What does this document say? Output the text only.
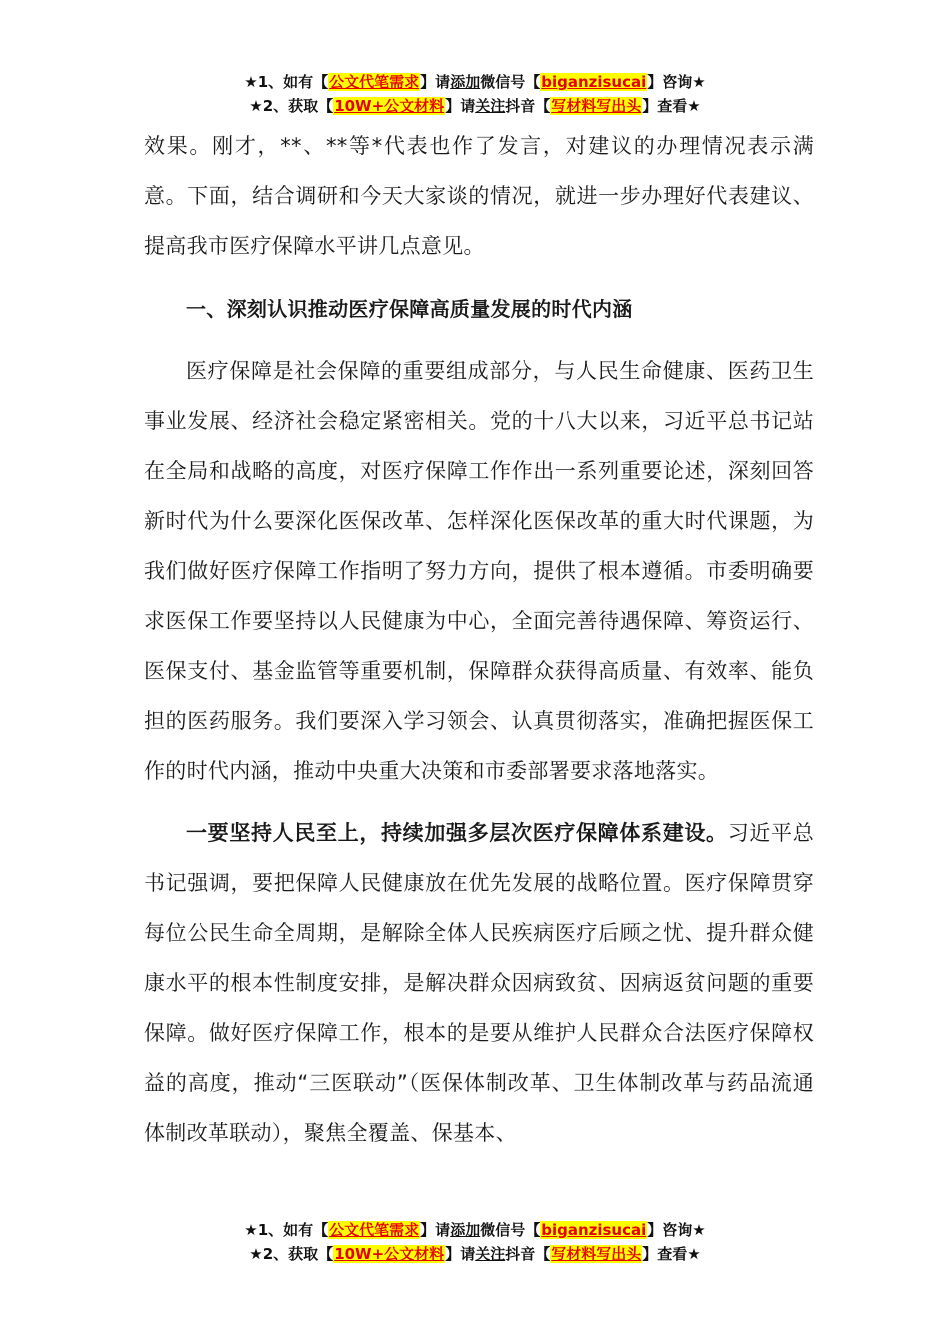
★1、如有【公文代笔需求】请添加微信号【biganzisucai】咨询★
★2、获取【10W+公文材料】请关注抖音【写材料写出头】查看★

效果。刚才，**、**等*代表也作了发言，对建议的办理情况表示满意。下面，结合调研和今天大家谈的情况，就进一步办理好代表建议、提高我市医疗保障水平讲几点意见。

一、深刻认识推动医疗保障高质量发展的时代内涵

医疗保障是社会保障的重要组成部分，与人民生命健康、医药卫生事业发展、经济社会稳定紧密相关。党的十八大以来，习近平总书记站在全局和战略的高度，对医疗保障工作作出一系列重要论述，深刻回答新时代为什么要深化医保改革、怎样深化医保改革的重大时代课题，为我们做好医疗保障工作指明了努力方向，提供了根本遵循。市委明确要求医保工作要坚持以人民健康为中心，全面完善待遇保障、筹资运行、医保支付、基金监管等重要机制，保障群众获得高质量、有效率、能负担的医药服务。我们要深入学习领会、认真贯彻落实，准确把握医保工作的时代内涵，推动中央重大决策和市委部署要求落地落实。

一要坚持人民至上，持续加强多层次医疗保障体系建设。习近平总书记强调，要把保障人民健康放在优先发展的战略位置。医疗保障贯穿每位公民生命全周期，是解除全体人民疾病医疗后顾之忧、提升群众健康水平的根本性制度安排，是解决群众因病致贫、因病返贫问题的重要保障。做好医疗保障工作，根本的是要从维护人民群众合法医疗保障权益的高度，推动“三医联动”（医保体制改革、卫生体制改革与药品流通体制改革联动），聚焦全覆盖、保基本、

★1、如有【公文代笔需求】请添加微信号【biganzisucai】咨询★
★2、获取【10W+公文材料】请关注抖音【写材料写出头】查看★
